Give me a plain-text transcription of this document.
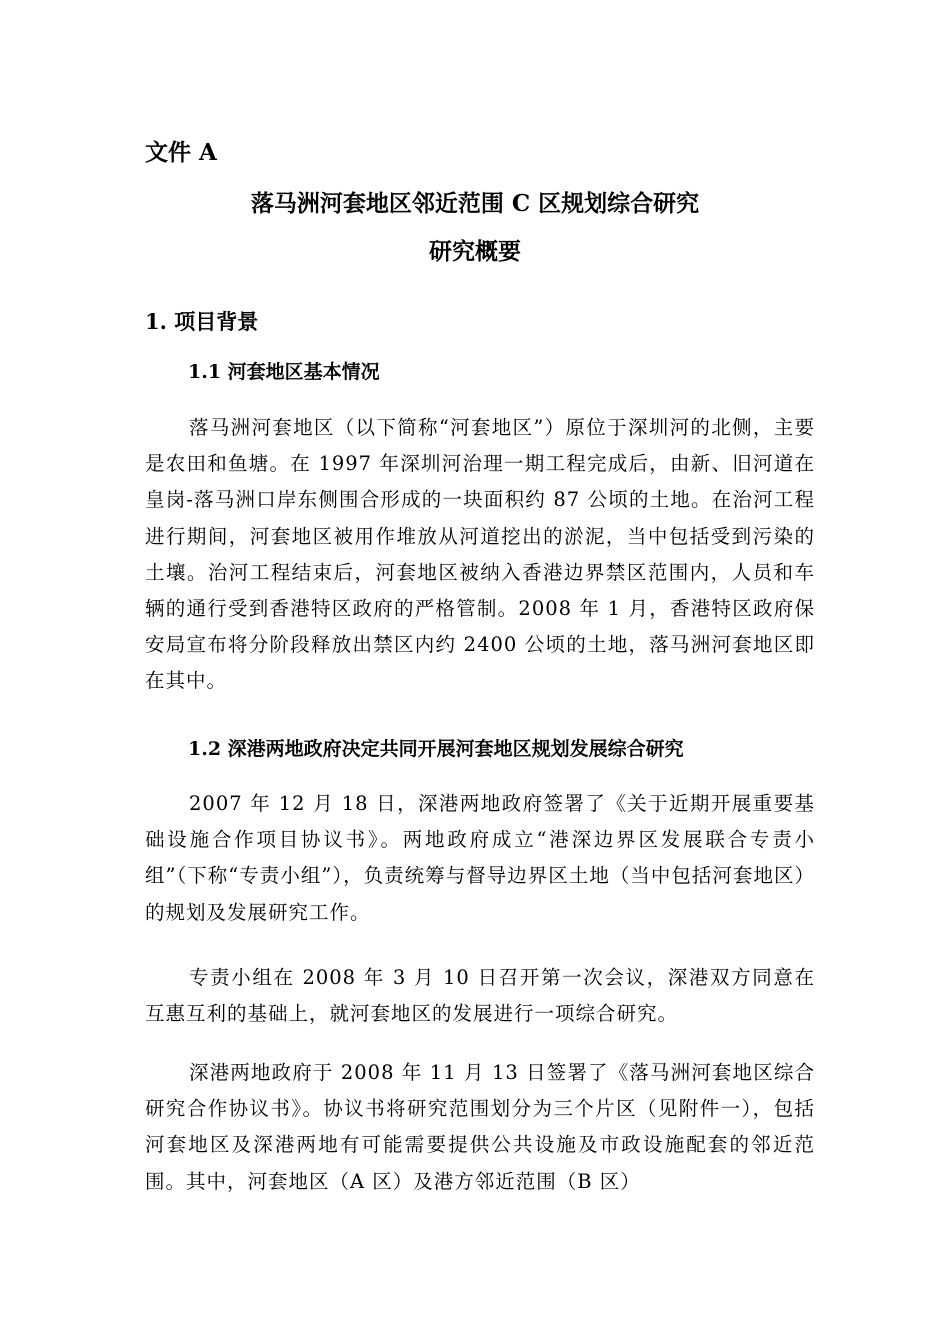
文件 A

落马洲河套地区邻近范围 C 区规划综合研究
研究概要
1. 项目背景
1.1 河套地区基本情况

落马洲河套地区（以下简称“河套地区”）原位于深圳河的北侧，主要是农田和鱼塘。在 1997 年深圳河治理一期工程完成后，由新、旧河道在皇岗-落马洲口岸东侧围合形成的一块面积约 87 公顷的土地。在治河工程进行期间，河套地区被用作堆放从河道挖出的淤泥，当中包括受到污染的土壤。治河工程结束后，河套地区被纳入香港边界禁区范围内，人员和车辆的通行受到香港特区政府的严格管制。2008 年 1 月，香港特区政府保安局宣布将分阶段释放出禁区内约 2400 公顷的土地，落马洲河套地区即在其中。

1.2 深港两地政府决定共同开展河套地区规划发展综合研究

2007 年 12 月 18 日，深港两地政府签署了《关于近期开展重要基础设施合作项目协议书》。两地政府成立“港深边界区发展联合专责小组”（下称“专责小组”），负责统筹与督导边界区土地（当中包括河套地区）的规划及发展研究工作。

专责小组在 2008 年 3 月 10 日召开第一次会议，深港双方同意在互惠互利的基础上，就河套地区的发展进行一项综合研究。

深港两地政府于 2008 年 11 月 13 日签署了《落马洲河套地区综合研究合作协议书》。协议书将研究范围划分为三个片区（见附件一），包括河套地区及深港两地有可能需要提供公共设施及市政设施配套的邻近范围。其中，河套地区（A 区）及港方邻近范围（B 区）
